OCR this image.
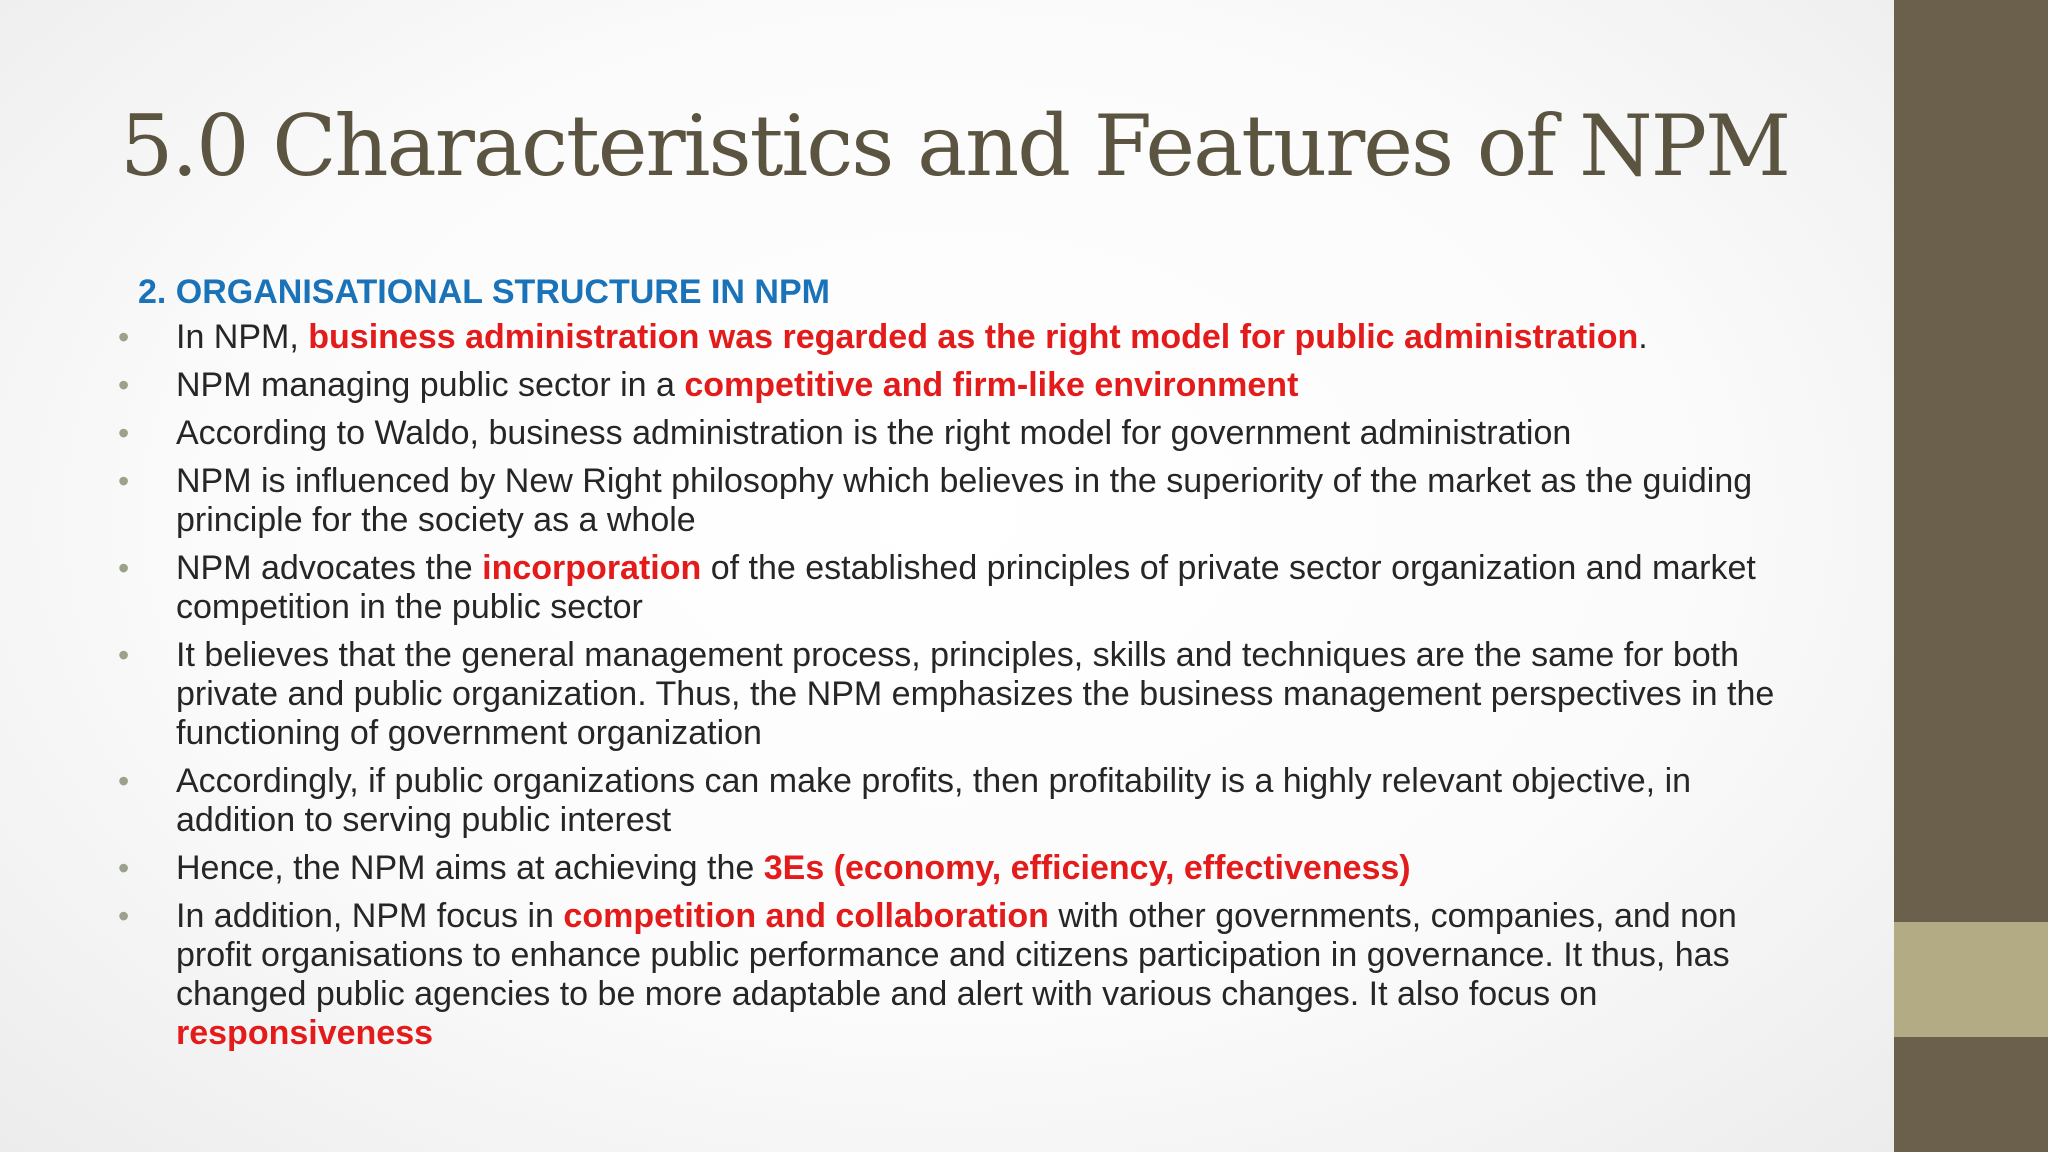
5.0 Characteristics and Features of NPM
2. ORGANISATIONAL STRUCTURE IN NPM
• In NPM, business administration was regarded as the right model for public administration.
• NPM managing public sector in a competitive and firm-like environment
• According to Waldo, business administration is the right model for government administration
• NPM is influenced by New Right philosophy which believes in the superiority of the market as the guiding principle for the society as a whole
• NPM advocates the incorporation of the established principles of private sector organization and market competition in the public sector
• It believes that the general management process, principles, skills and techniques are the same for both private and public organization. Thus, the NPM emphasizes the business management perspectives in the functioning of government organization
• Accordingly, if public organizations can make profits, then profitability is a highly relevant objective, in addition to serving public interest
• Hence, the NPM aims at achieving the 3Es (economy, efficiency, effectiveness)
• In addition, NPM focus in competition and collaboration with other governments, companies, and non profit organisations to enhance public performance and citizens participation in governance. It thus, has changed public agencies to be more adaptable and alert with various changes. It also focus on responsiveness
